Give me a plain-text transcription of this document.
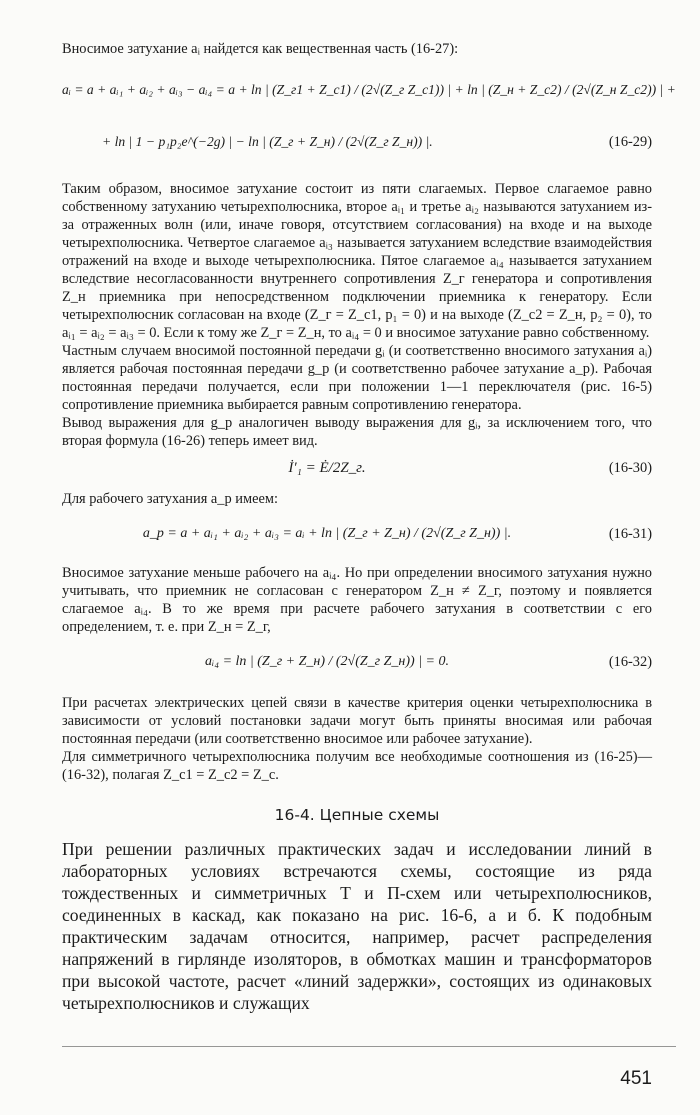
Вносимое затухание aᵢ найдется как вещественная часть (16-27):

aᵢ = a + aᵢ₁ + aᵢ₂ + aᵢ₃ − aᵢ₄ = a + ln | (Z_г1 + Z_c1) / (2√(Z_г Z_c1)) | + ln | (Z_н + Z_c2) / (2√(Z_н Z_c2)) | +
+ ln | 1 − p₁p₂e^(−2g) | − ln | (Z_г + Z_н) / (2√(Z_г Z_н)) |.	(16-29)

Таким образом, вносимое затухание состоит из пяти слагаемых. Первое слагаемое равно собственному затуханию четырехполюсника, второе aᵢ₁ и третье aᵢ₂ называются затуханием из-за отраженных волн (или, иначе говоря, отсутствием согласования) на входе и на выходе четырехполюсника. Четвертое слагаемое aᵢ₃ называется затуханием вследствие взаимодействия отражений на входе и выходе четырехполюсника. Пятое слагаемое aᵢ₄ называется затуханием вследствие несогласованности внутреннего сопротивления Z_г генератора и сопротивления Z_н приемника при непосредственном подключении приемника к генератору. Если четырехполюсник согласован на входе (Z_г = Z_c1, p₁ = 0) и на выходе (Z_c2 = Z_н, p₂ = 0), то aᵢ₁ = aᵢ₂ = aᵢ₃ = 0. Если к тому же Z_г = Z_н, то aᵢ₄ = 0 и вносимое затухание равно собственному.

Частным случаем вносимой постоянной передачи gᵢ (и соответственно вносимого затухания aᵢ) является рабочая постоянная передачи g_р (и соответственно рабочее затухание a_р). Рабочая постоянная передачи получается, если при положении 1—1 переключателя (рис. 16-5) сопротивление приемника выбирается равным сопротивлению генератора.

Вывод выражения для g_р аналогичен выводу выражения для gᵢ, за исключением того, что вторая формула (16-26) теперь имеет вид.

İ′₁ = Ė/2Z_г.	(16-30)

Для рабочего затухания a_р имеем:

a_р = a + aᵢ₁ + aᵢ₂ + aᵢ₃ = aᵢ + ln | (Z_г + Z_н) / (2√(Z_г Z_н)) |.	(16-31)

Вносимое затухание меньше рабочего на aᵢ₄. Но при определении вносимого затухания нужно учитывать, что приемник не согласован с генератором Z_н ≠ Z_г, поэтому и появляется слагаемое aᵢ₄. В то же время при расчете рабочего затухания в соответствии с его определением, т. е. при Z_н = Z_г,

aᵢ₄ = ln | (Z_г + Z_н) / (2√(Z_г Z_н)) | = 0.	(16-32)

При расчетах электрических цепей связи в качестве критерия оценки четырехполюсника в зависимости от условий постановки задачи могут быть приняты вносимая или рабочая постоянная передачи (или соответственно вносимое или рабочее затухание).

Для симметричного четырехполюсника получим все необходимые соотношения из (16-25)—(16-32), полагая Z_c1 = Z_c2 = Z_c.

16-4. Цепные схемы

При решении различных практических задач и исследовании линий в лабораторных условиях встречаются схемы, состоящие из ряда тождественных и симметричных Т и П-схем или четырехполюсников, соединенных в каскад, как показано на рис. 16-6, а и б. К подобным практическим задачам относится, например, расчет распределения напряжений в гирлянде изоляторов, в обмотках машин и трансформаторов при высокой частоте, расчет «линий задержки», состоящих из одинаковых четырехполюсников и служащих

451
